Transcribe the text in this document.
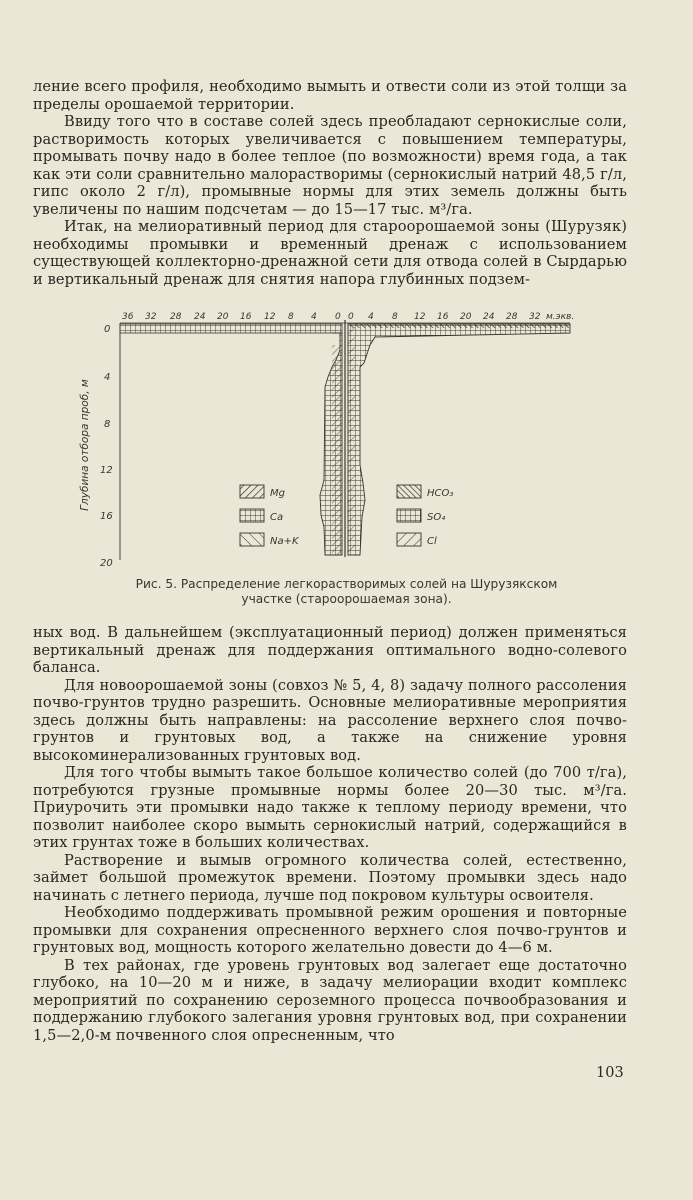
ление всего профиля, необходимо вымыть и отвести соли из этой толщи за пределы орошаемой территории.

Ввиду того что в составе солей здесь преобладают сернокислые соли, растворимость которых увеличивается с повышением температуры, промывать почву надо в более теплое (по возможности) время года, а так как эти соли сравнительно малорастворимы (сернокислый натрий 48,5 г/л, гипс около 2 г/л), промывные нормы для этих земель должны быть увеличены по нашим подсчетам — до 15—17 тыс. м³/га.

Итак, на мелиоративный период для староорошаемой зоны (Шурузяк) необходимы промывки и временный дренаж с использованием существующей коллекторно-дренажной сети для отвода солей в Сырдарью и вертикальный дренаж для снятия напора глубинных подзем-

36 32 28 24 20 16 12 8 4 0 0 4 8 12 16 20 24 28 32 м.экв.
0
4
8
12
16
20
Глубина отбора проб, м	Mg
Ca
Na+K
HCO₃
SO₄
Cl
Рис. 5. Распределение легкорастворимых солей на Шурузякском
участке (староорошаемая зона).

ных вод. В дальнейшем (эксплуатационный период) должен применяться вертикальный дренаж для поддержания оптимального водно-солевого баланса.

Для новоорошаемой зоны (совхоз № 5, 4, 8) задачу полного рассоления почво-грунтов трудно разрешить. Основные мелиоративные мероприятия здесь должны быть направлены: на рассоление верхнего слоя почво-грунтов и грунтовых вод, а также на снижение уровня высокоминерализованных грунтовых вод.

Для того чтобы вымыть такое большое количество солей (до 700 т/га), потребуются грузные промывные нормы более 20—30 тыс. м³/га. Приурочить эти промывки надо также к теплому периоду времени, что позволит наиболее скоро вымыть сернокислый натрий, содержащийся в этих грунтах тоже в больших количествах.

Растворение и вымыв огромного количества солей, естественно, займет большой промежуток времени. Поэтому промывки здесь надо начинать с летнего периода, лучше под покровом культуры освоителя.

Необходимо поддерживать промывной режим орошения и повторные промывки для сохранения опресненного верхнего слоя почво-грунтов и грунтовых вод, мощность которого желательно довести до 4—6 м.

В тех районах, где уровень грунтовых вод залегает еще достаточно глубоко, на 10—20 м и ниже, в задачу мелиорации входит комплекс мероприятий по сохранению сероземного процесса почвообразования и поддержанию глубокого залегания уровня грунтовых вод, при сохранении 1,5—2,0-м почвенного слоя опресненным, что

103
